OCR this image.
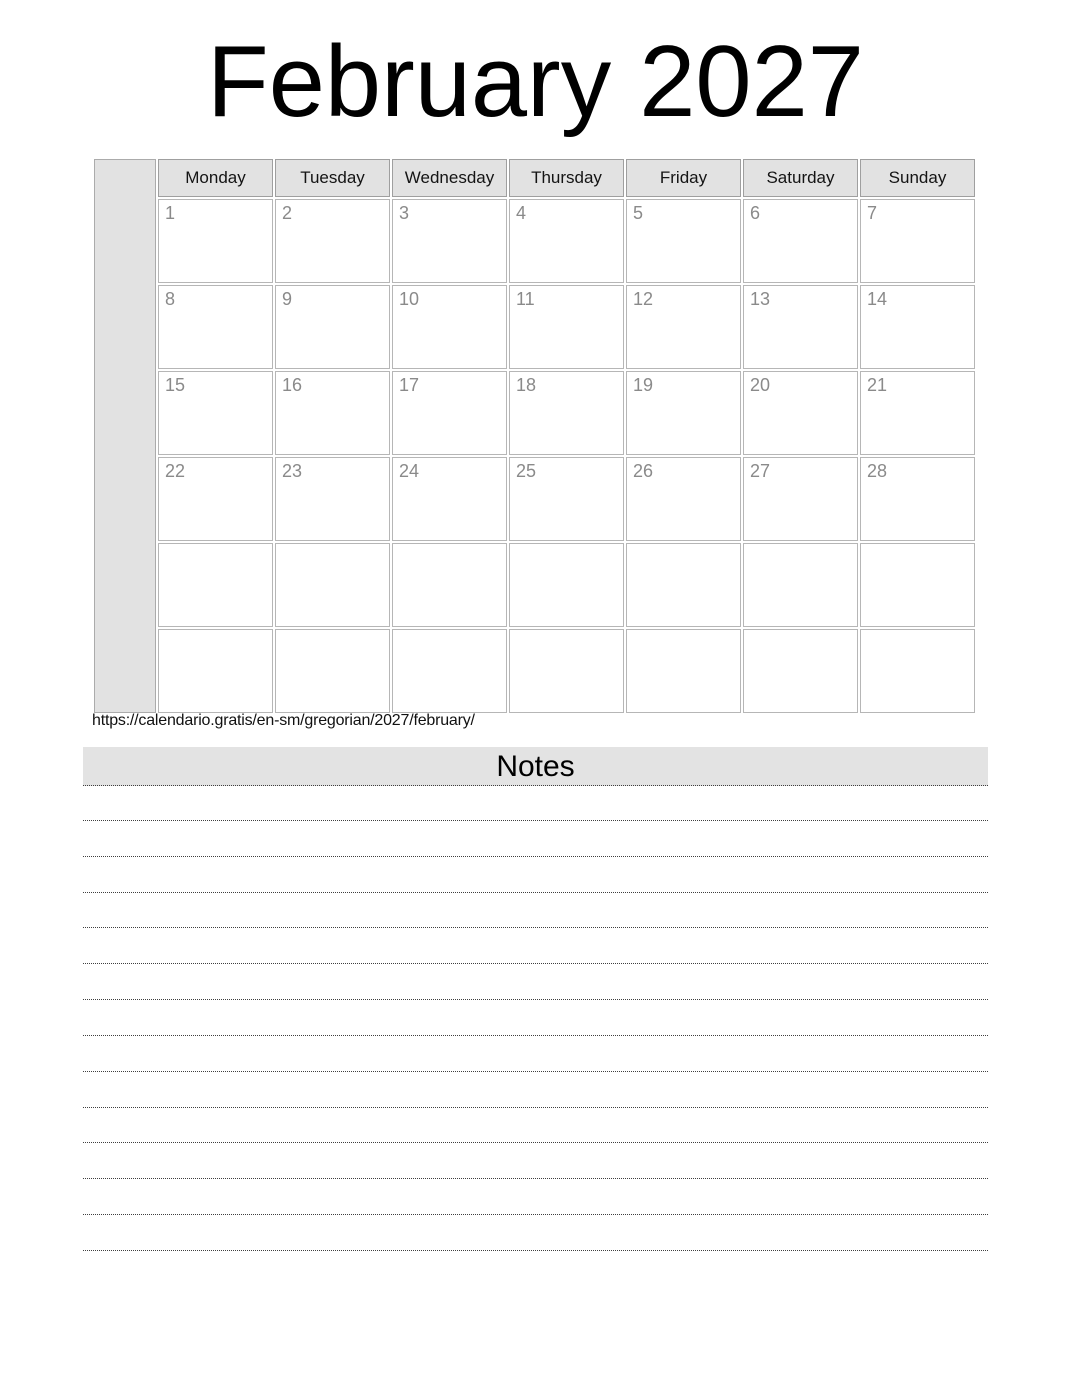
February 2027
	Monday	Tuesday	Wednesday	Thursday	Friday	Saturday	Sunday
	1	2	3	4	5	6	7
	8	9	10	11	12	13	14
	15	16	17	18	19	20	21
	22	23	24	25	26	27	28

https://calendario.gratis/en-sm/gregorian/2027/february/
Notes
